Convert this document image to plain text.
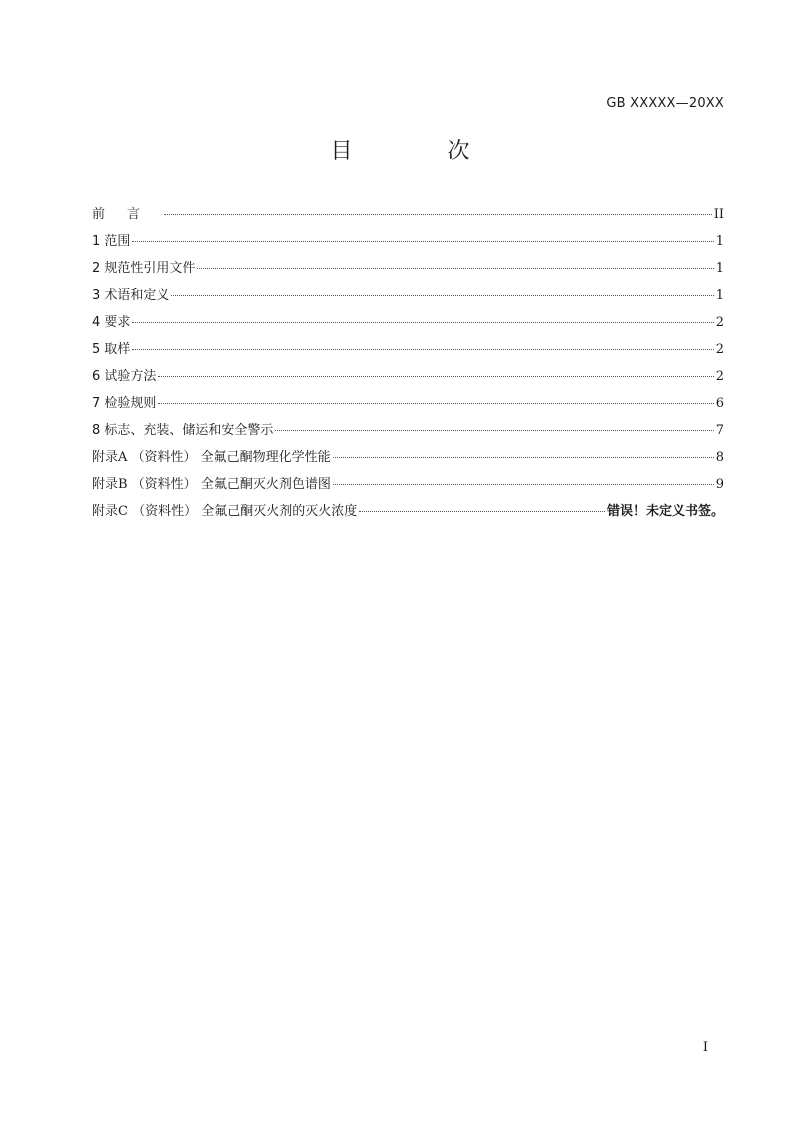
GB XXXXX—20XX
目 次
前言	II
1 范围	1
2 规范性引用文件	1
3 术语和定义	1
4 要求	2
5 取样	2
6 试验方法	2
7 检验规则	6
8 标志、充装、储运和安全警示	7
附录A （资料性） 全氟己酮物理化学性能	8
附录B （资料性） 全氟己酮灭火剂色谱图	9
附录C （资料性） 全氟己酮灭火剂的灭火浓度	错误！未定义书签。
I
